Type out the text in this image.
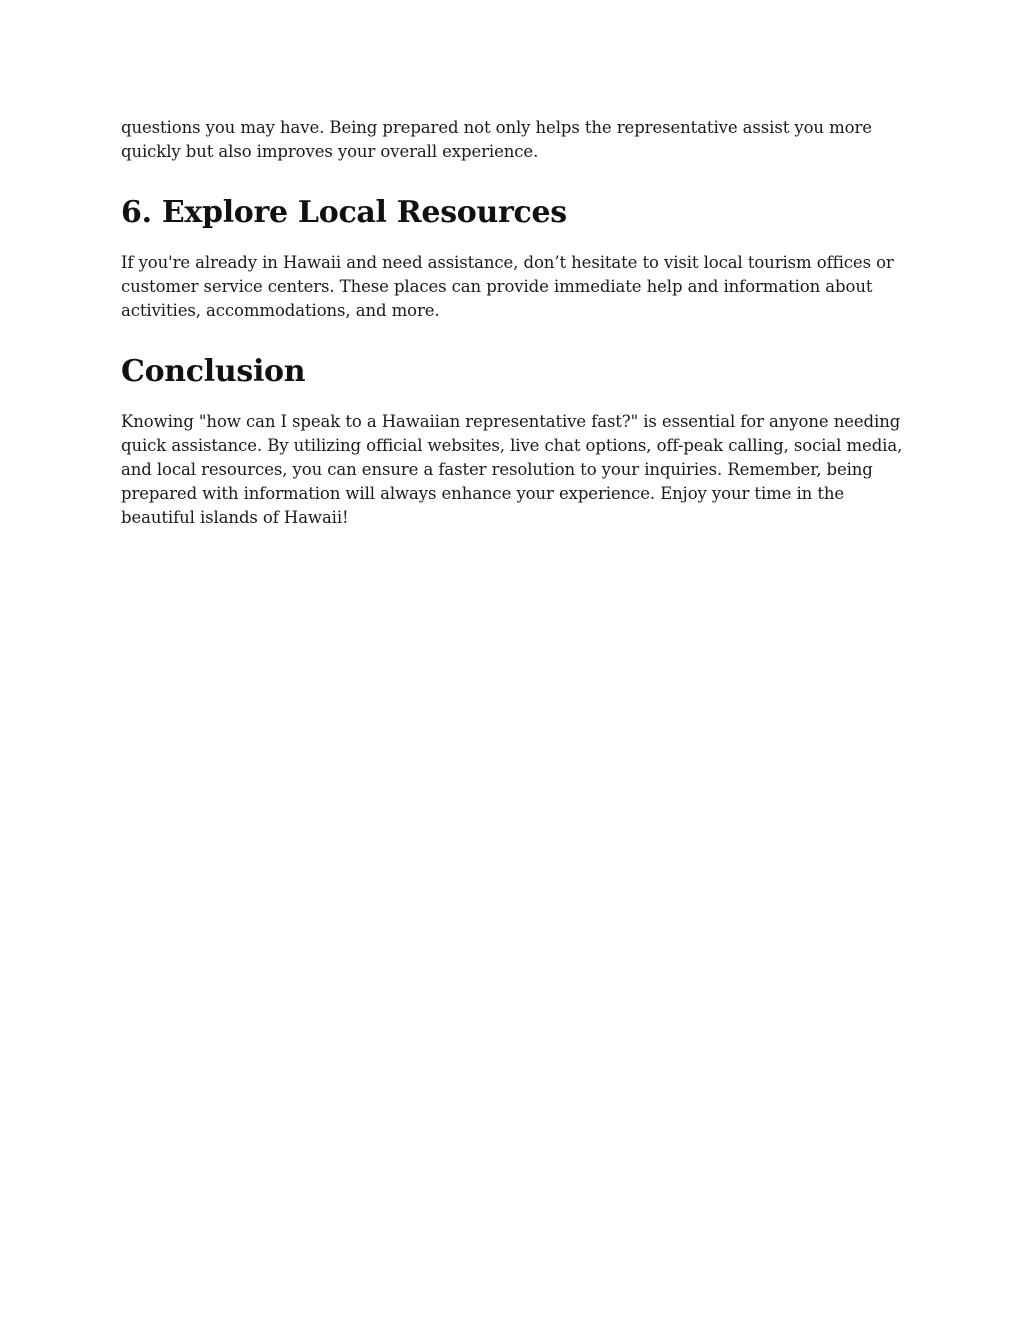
questions you may have. Being prepared not only helps the representative assist you more quickly but also improves your overall experience.

6. Explore Local Resources

If you're already in Hawaii and need assistance, don’t hesitate to visit local tourism offices or customer service centers. These places can provide immediate help and information about activities, accommodations, and more.

Conclusion

Knowing "how can I speak to a Hawaiian representative fast?" is essential for anyone needing quick assistance. By utilizing official websites, live chat options, off-peak calling, social media, and local resources, you can ensure a faster resolution to your inquiries. Remember, being prepared with information will always enhance your experience. Enjoy your time in the beautiful islands of Hawaii!
